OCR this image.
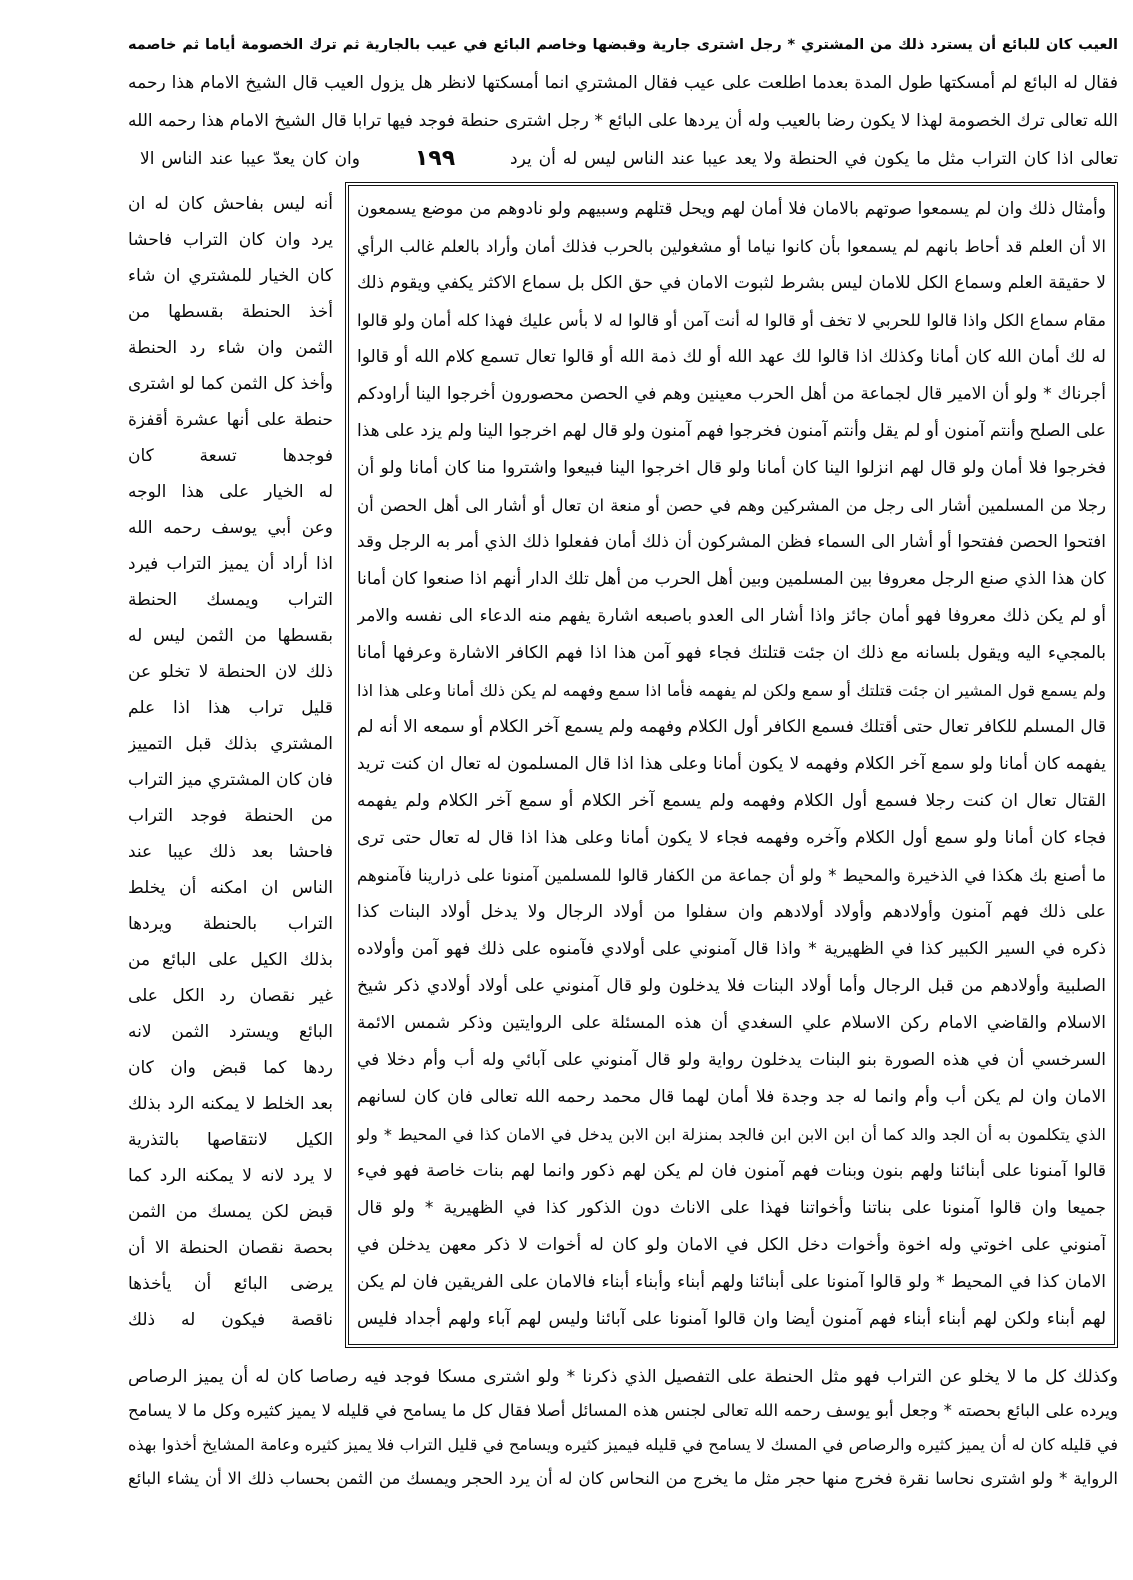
العيب كان للبائع أن يسترد ذلك من المشتري * رجل اشترى جارية وقبضها وخاصم البائع في عيب بالجارية ثم ترك الخصومة أياما ثم خاصمه
فقال له البائع لم أمسكتها طول المدة بعدما اطلعت على عيب فقال المشتري انما أمسكتها لانظر هل يزول العيب قال الشيخ الامام هذا رحمه
الله تعالى ترك الخصومة لهذا لا يكون رضا بالعيب وله أن يردها على البائع * رجل اشترى حنطة فوجد فيها ترابا قال الشيخ الامام هذا رحمه الله
تعالى اذا كان التراب مثل ما يكون في الحنطة ولا يعد عيبا عند الناس ليس له أن يرد
١٩٩
وان كان يعدّ عيبا عند الناس الا
وأمثال ذلك وان لم يسمعوا صوتهم بالامان فلا أمان لهم ويحل قتلهم وسبيهم ولو نادوهم من موضع يسمعون
الا أن العلم قد أحاط بانهم لم يسمعوا بأن كانوا نياما أو مشغولين بالحرب فذلك أمان وأراد بالعلم غالب الرأي
لا حقيقة العلم وسماع الكل للامان ليس بشرط لثبوت الامان في حق الكل بل سماع الاكثر يكفي ويقوم ذلك
مقام سماع الكل واذا قالوا للحربي لا تخف أو قالوا له أنت آمن أو قالوا له لا بأس عليك فهذا كله أمان ولو قالوا
له لك أمان الله كان أمانا وكذلك اذا قالوا لك عهد الله أو لك ذمة الله أو قالوا تعال تسمع كلام الله أو قالوا
أجرناك * ولو أن الامير قال لجماعة من أهل الحرب معينين وهم في الحصن محصورون أخرجوا الينا أراودكم
على الصلح وأنتم آمنون أو لم يقل وأنتم آمنون فخرجوا فهم آمنون ولو قال لهم اخرجوا الينا ولم يزد على هذا
فخرجوا فلا أمان ولو قال لهم انزلوا الينا كان أمانا ولو قال اخرجوا الينا فبيعوا واشتروا منا كان أمانا ولو أن
رجلا من المسلمين أشار الى رجل من المشركين وهم في حصن أو منعة ان تعال أو أشار الى أهل الحصن أن
افتحوا الحصن ففتحوا أو أشار الى السماء فظن المشركون أن ذلك أمان ففعلوا ذلك الذي أمر به الرجل وقد
كان هذا الذي صنع الرجل معروفا بين المسلمين وبين أهل الحرب من أهل تلك الدار أنهم اذا صنعوا كان أمانا
أو لم يكن ذلك معروفا فهو أمان جائز واذا أشار الى العدو باصبعه اشارة يفهم منه الدعاء الى نفسه والامر
بالمجيء اليه ويقول بلسانه مع ذلك ان جئت قتلتك فجاء فهو آمن هذا اذا فهم الكافر الاشارة وعرفها أمانا
ولم يسمع قول المشير ان جئت قتلتك أو سمع ولكن لم يفهمه فأما اذا سمع وفهمه لم يكن ذلك أمانا وعلى هذا اذا
قال المسلم للكافر تعال حتى أقتلك فسمع الكافر أول الكلام وفهمه ولم يسمع آخر الكلام أو سمعه الا أنه لم
يفهمه كان أمانا ولو سمع آخر الكلام وفهمه لا يكون أمانا وعلى هذا اذا قال المسلمون له تعال ان كنت تريد
القتال تعال ان كنت رجلا فسمع أول الكلام وفهمه ولم يسمع آخر الكلام أو سمع آخر الكلام ولم يفهمه
فجاء كان أمانا ولو سمع أول الكلام وآخره وفهمه فجاء لا يكون أمانا وعلى هذا اذا قال له تعال حتى ترى
ما أصنع بك هكذا في الذخيرة والمحيط * ولو أن جماعة من الكفار قالوا للمسلمين آمنونا على ذرارينا فآمنوهم
على ذلك فهم آمنون وأولادهم وأولاد أولادهم وان سفلوا من أولاد الرجال ولا يدخل أولاد البنات كذا
ذكره في السير الكبير كذا في الظهيرية * واذا قال آمنوني على أولادي فآمنوه على ذلك فهو آمن وأولاده
الصلبية وأولادهم من قبل الرجال وأما أولاد البنات فلا يدخلون ولو قال آمنوني على أولاد أولادي ذكر شيخ
الاسلام والقاضي الامام ركن الاسلام علي السغدي أن هذه المسئلة على الروايتين وذكر شمس الائمة
السرخسي أن في هذه الصورة بنو البنات يدخلون رواية ولو قال آمنوني على آبائي وله أب وأم دخلا في
الامان وان لم يكن أب وأم وانما له جد وجدة فلا أمان لهما قال محمد رحمه الله تعالى فان كان لسانهم
الذي يتكلمون به أن الجد والد كما أن ابن الابن ابن فالجد بمنزلة ابن الابن يدخل في الامان كذا في المحيط * ولو
قالوا آمنونا على أبنائنا ولهم بنون وبنات فهم آمنون فان لم يكن لهم ذكور وانما لهم بنات خاصة فهو فيء
جميعا وان قالوا آمنونا على بناتنا وأخواتنا فهذا على الاناث دون الذكور كذا في الظهيرية * ولو قال
آمنوني على اخوتي وله اخوة وأخوات دخل الكل في الامان ولو كان له أخوات لا ذكر معهن يدخلن في
الامان كذا في المحيط * ولو قالوا آمنونا على أبنائنا ولهم أبناء وأبناء أبناء فالامان على الفريقين فان لم يكن
لهم أبناء ولكن لهم أبناء أبناء فهم آمنون أيضا وان قالوا آمنونا على آبائنا وليس لهم آباء ولهم أجداد فليس
أنه ليس بفاحش كان له ان
يرد وان كان التراب فاحشا
كان الخيار للمشتري ان شاء
أخذ الحنطة بقسطها من
الثمن وان شاء رد الحنطة
وأخذ كل الثمن كما لو اشترى
حنطة على أنها عشرة أقفزة
فوجدها تسعة كان
له الخيار على هذا الوجه
وعن أبي يوسف رحمه الله
اذا أراد أن يميز التراب فيرد
التراب ويمسك الحنطة
بقسطها من الثمن ليس له
ذلك لان الحنطة لا تخلو عن
قليل تراب هذا اذا علم
المشتري بذلك قبل التمييز
فان كان المشتري ميز التراب
من الحنطة فوجد التراب
فاحشا بعد ذلك عيبا عند
الناس ان امكنه أن يخلط
التراب بالحنطة ويردها
بذلك الكيل على البائع من
غير نقصان رد الكل على
البائع ويسترد الثمن لانه
ردها كما قبض وان كان
بعد الخلط لا يمكنه الرد بذلك
الكيل لانتقاصها بالتذرية
لا يرد لانه لا يمكنه الرد كما
قبض لكن يمسك من الثمن
بحصة نقصان الحنطة الا أن
يرضى البائع أن يأخذها
ناقصة فيكون له ذلك
وكذلك كل ما لا يخلو عن التراب فهو مثل الحنطة على التفصيل الذي ذكرنا * ولو اشترى مسكا فوجد فيه رصاصا كان له أن يميز الرصاص
ويرده على البائع بحصته * وجعل أبو يوسف رحمه الله تعالى لجنس هذه المسائل أصلا فقال كل ما يسامح في قليله لا يميز كثيره وكل ما لا يسامح
في قليله كان له أن يميز كثيره والرصاص في المسك لا يسامح في قليله فيميز كثيره ويسامح في قليل التراب فلا يميز كثيره وعامة المشايخ أخذوا بهذه
الرواية * ولو اشترى نحاسا نقرة فخرج منها حجر مثل ما يخرج من النحاس كان له أن يرد الحجر ويمسك من الثمن بحساب ذلك الا أن يشاء البائع
